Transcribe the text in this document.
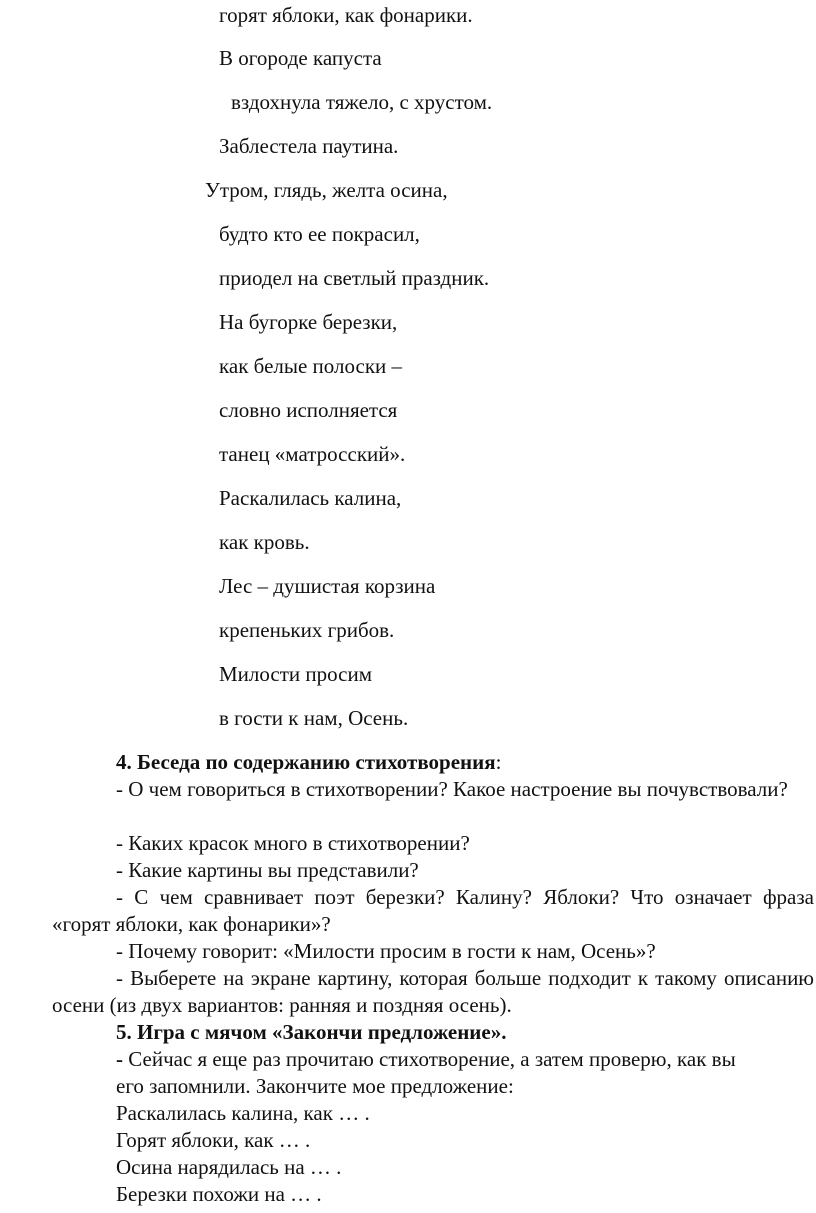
горят яблоки, как фонарики.
В огороде капуста
вздохнула тяжело, с хрустом.
Заблестела паутина.
Утром, глядь, желта осина,
будто кто ее покрасил,
приодел на светлый праздник.
На бугорке березки,
как белые полоски –
словно исполняется
танец «матросский».
Раскалилась калина,
как кровь.
Лес – душистая корзина
крепеньких грибов.
Милости просим
в гости к нам, Осень.
4. Беседа по содержанию стихотворения:
- О чем говориться в стихотворении? Какое настроение вы почувствовали?
- Каких красок много в стихотворении?
- Какие картины вы представили?
- С чем сравнивает поэт березки? Калину? Яблоки? Что означает фраза «горят яблоки, как фонарики»?
- Почему говорит: «Милости просим в гости к нам, Осень»?
- Выберете на экране картину, которая больше подходит к такому описанию осени (из двух вариантов: ранняя и поздняя осень).
5. Игра с мячом «Закончи предложение».
- Сейчас я еще раз прочитаю стихотворение, а затем проверю, как вы
его запомнили. Закончите мое предложение:
Раскалилась калина, как … .
Горят яблоки, как … .
Осина нарядилась на … .
Березки похожи на … .
